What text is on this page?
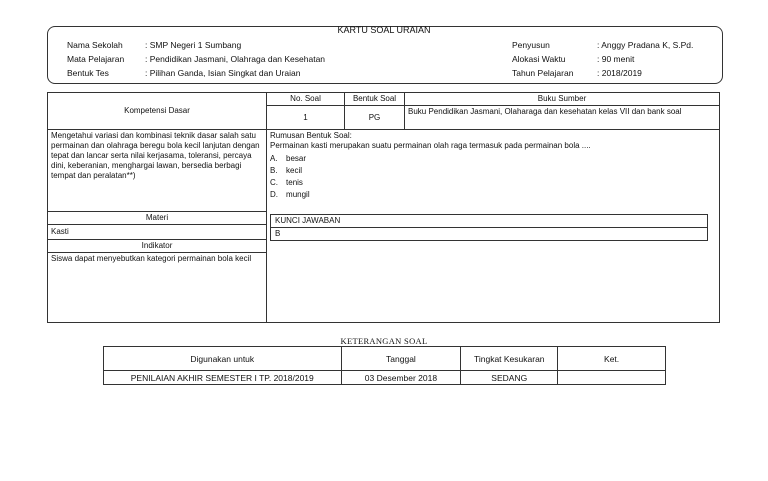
KARTU SOAL URAIAN
Nama Sekolah	: SMP Negeri 1 Sumbang
Mata Pelajaran : Pendidikan Jasmani, Olahraga dan Kesehatan
Bentuk Tes	: Pilihan Ganda, Isian Singkat dan Uraian
Penyusun	: Anggy Pradana K, S.Pd.
Alokasi Waktu	: 90 menit
Tahun Pelajaran	: 2018/2019
Kompetensi Dasar	No. Soal	Bentuk Soal	Buku Sumber
1	PG	Buku Pendidikan Jasmani, Olaharaga dan kesehatan kelas VII dan bank soal
Mengetahui variasi dan kombinasi teknik dasar salah satu permainan dan olahraga beregu bola kecil lanjutan dengan tepat dan lancar serta nilai kerjasama, toleransi, percaya dini, keberanian, menghargai lawan, bersedia berbagi tempat dan peralatan**)	
Rumusan Bentuk Soal:
Permainan kasti merupakan suatu permainan olah raga termasuk pada permainan bola ....
A. besar
B. kecil
C. tenis
D. mungil
KUNCI JAWABAN
B

Materi
Kasti
Indikator
Siswa dapat menyebutkan kategori permainan bola kecil
KETERANGAN SOAL
Digunakan untuk	Tanggal	Tingkat Kesukaran	Ket.
PENILAIAN AKHIR SEMESTER I TP. 2018/2019	03 Desember 2018	SEDANG	
